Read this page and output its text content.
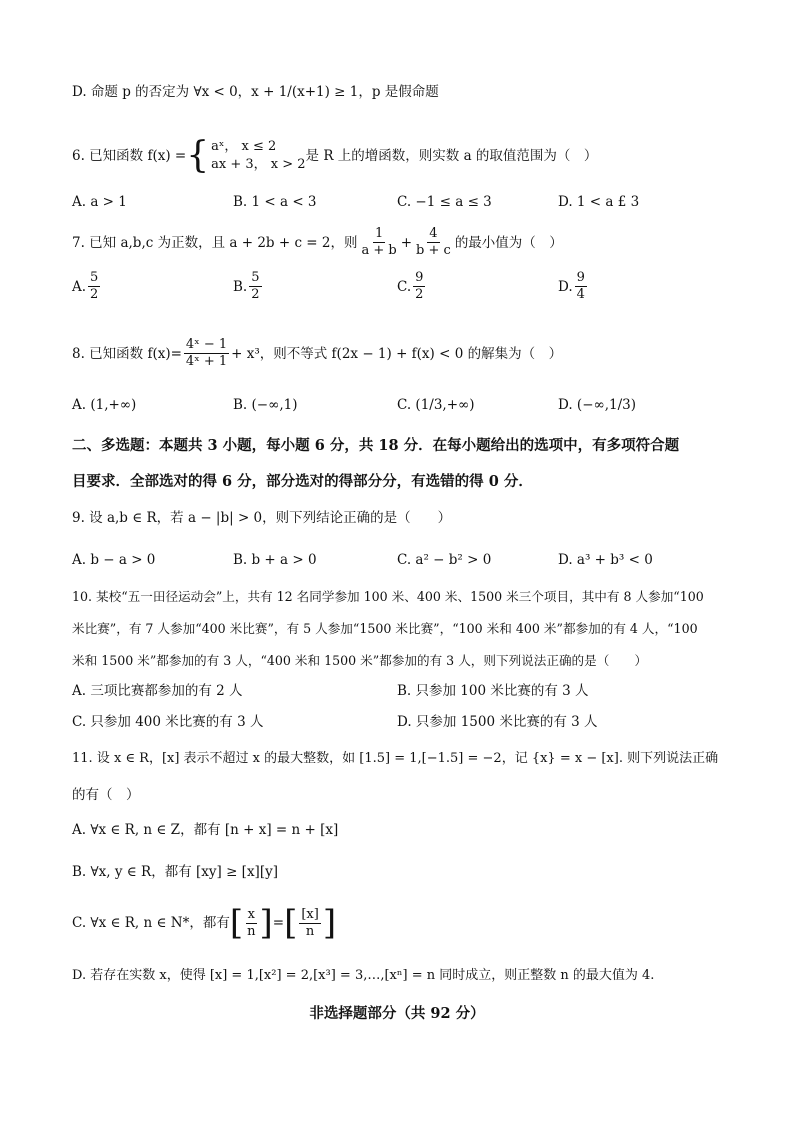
D. 命题 p 的否定为 ∀x < 0，x + 1/(x+1) ≥ 1，p 是假命题
6. 已知函数 f(x) = { aˣ， x ≤ 2
ax + 3， x > 2
是 R 上的增函数，则实数 a 的取值范围为（　）
A. a > 1	B. 1 < a < 3	C. −1 ≤ a ≤ 3	D. 1 < a £ 3
7. 已知 a,b,c 为正数，且 a + 2b + c = 2，则 $\frac{1}{a + b} + \frac{4}{b + c}$ 的最小值为（　）
A. $\frac{5}{2}$	B. $\frac{5}{2}$	C. $\frac{9}{2}$	D. $\frac{9}{4}$
8. 已知函数 $f(x)= \frac{\text{4ˣ − 1}}{\text{4ˣ + 1}} + x^3$，则不等式 f(2x − 1) + f(x) < 0 的解集为（　）
A. (1,+∞)	B. (−∞,1)	C. (1/3,+∞)	D. (−∞,1/3)
二、多选题：本题共 3 小题，每小题 6 分，共 18 分．在每小题给出的选项中，有多项符合题
目要求．全部选对的得 6 分，部分选对的得部分分，有选错的得 0 分．
9. 设 a,b ∈ R，若 a − |b| > 0，则下列结论正确的是（　　）
A. b − a > 0	B. b + a > 0	C. a² − b² > 0	D. a³ + b³ < 0
10. 某校“五一田径运动会”上，共有 12 名同学参加 100 米、400 米、1500 米三个项目，其中有 8 人参加“100
米比赛”，有 7 人参加“400 米比赛”，有 5 人参加“1500 米比赛”，“100 米和 400 米”都参加的有 4 人，“100
米和 1500 米”都参加的有 3 人，“400 米和 1500 米”都参加的有 3 人，则下列说法正确的是（　　）
A. 三项比赛都参加的有 2 人	B. 只参加 100 米比赛的有 3 人
C. 只参加 400 米比赛的有 3 人	D. 只参加 1500 米比赛的有 3 人
11. 设 x ∈ R，[x] 表示不超过 x 的最大整数，如 [1.5] = 1,[−1.5] = −2，记 {x} = x − [x]. 则下列说法正确
的有（　）
A. ∀x ∈ R, n ∈ Z，都有 [n + x] = n + [x]
B. ∀x, y ∈ R，都有 [xy] ≥ [x][y]
C. ∀x ∈ R, n ∈ N*，都有 [ $\frac{x}{n}$ ] = [ $\frac{[x]}{n}$ ]
D. 若存在实数 x，使得 [x] = 1,[x²] = 2,[x³] = 3,…,[xⁿ] = n 同时成立，则正整数 n 的最大值为 4.
非选择题部分（共 92 分）
